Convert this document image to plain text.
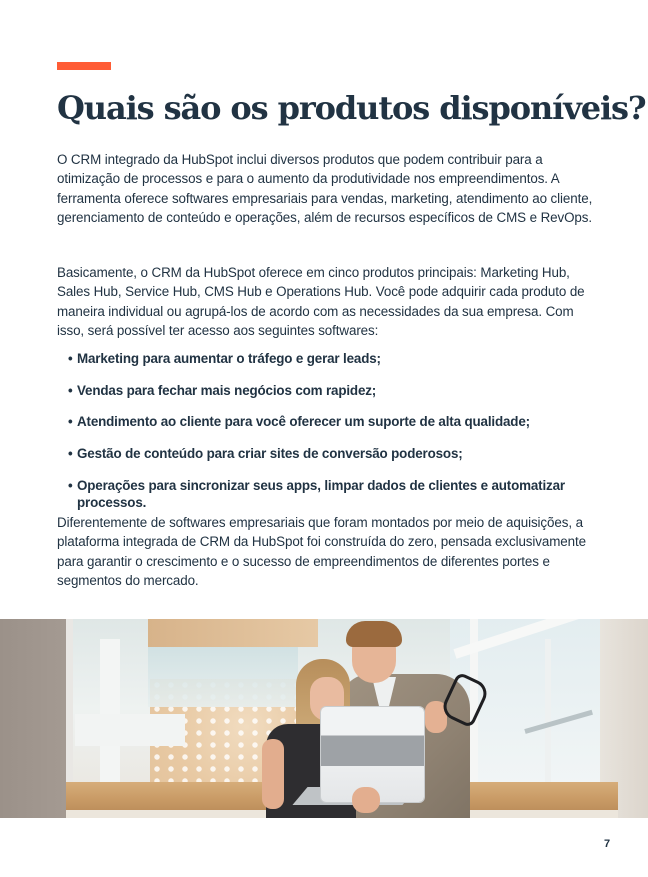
Quais são os produtos disponíveis?

O CRM integrado da HubSpot inclui diversos produtos que podem contribuir para a otimização de processos e para o aumento da produtividade nos empreendimentos. A ferramenta oferece softwares empresariais para vendas, marketing, atendimento ao cliente, gerenciamento de conteúdo e operações, além de recursos específicos de CMS e RevOps.

Basicamente, o CRM da HubSpot oferece em cinco produtos principais: Marketing Hub, Sales Hub, Service Hub, CMS Hub e Operations Hub. Você pode adquirir cada produto de maneira individual ou agrupá-los de acordo com as necessidades da sua empresa. Com isso, será possível ter acesso aos seguintes softwares:

• Marketing para aumentar o tráfego e gerar leads;
• Vendas para fechar mais negócios com rapidez;
• Atendimento ao cliente para você oferecer um suporte de alta qualidade;
• Gestão de conteúdo para criar sites de conversão poderosos;
• Operações para sincronizar seus apps, limpar dados de clientes e automatizar processos.

Diferentemente de softwares empresariais que foram montados por meio de aquisições, a plataforma integrada de CRM da HubSpot foi construída do zero, pensada exclusivamente para garantir o crescimento e o sucesso de empreendimentos de diferentes portes e segmentos do mercado.

7
